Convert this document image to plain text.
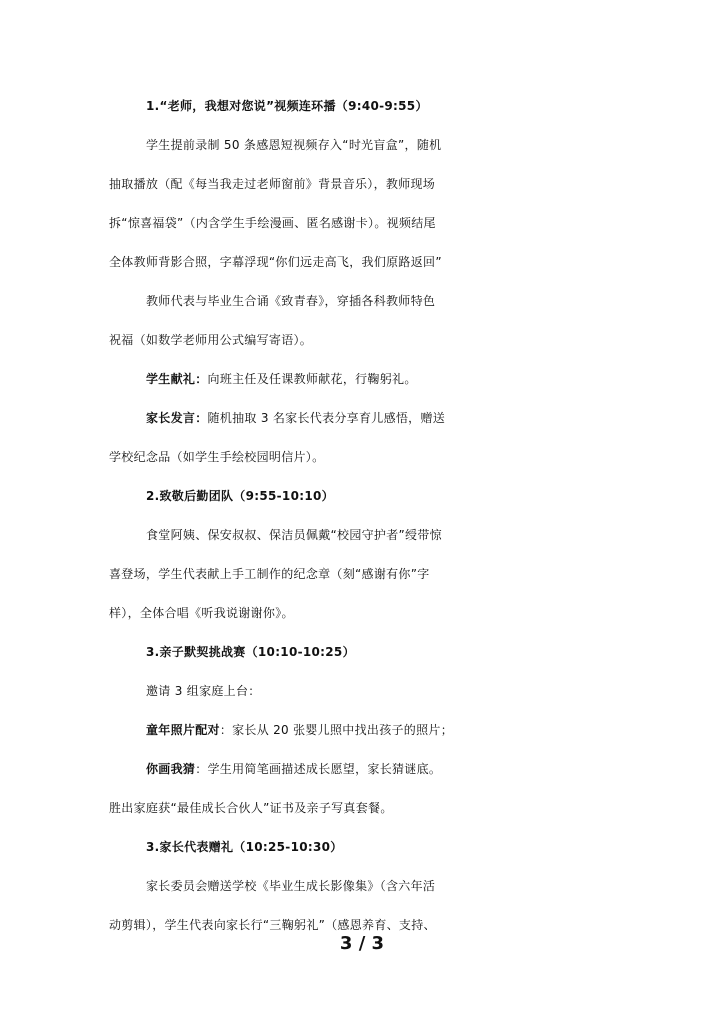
1.“老师，我想对您说”视频连环播（9:40-9:55）
学生提前录制 50 条感恩短视频存入“时光盲盒”，随机
抽取播放（配《每当我走过老师窗前》背景音乐），教师现场
拆“惊喜福袋”（内含学生手绘漫画、匿名感谢卡）。视频结尾
全体教师背影合照，字幕浮现“你们远走高飞，我们原路返回”
教师代表与毕业生合诵《致青春》，穿插各科教师特色
祝福（如数学老师用公式编写寄语）。
学生献礼：向班主任及任课教师献花，行鞠躬礼。
家长发言：随机抽取 3 名家长代表分享育儿感悟，赠送
学校纪念品（如学生手绘校园明信片）。
2.致敬后勤团队（9:55-10:10）
食堂阿姨、保安叔叔、保洁员佩戴“校园守护者”绶带惊
喜登场，学生代表献上手工制作的纪念章（刻“感谢有你”字
样），全体合唱《听我说谢谢你》。
3.亲子默契挑战赛（10:10-10:25）
邀请 3 组家庭上台：
童年照片配对：家长从 20 张婴儿照中找出孩子的照片；
你画我猜：学生用简笔画描述成长愿望，家长猜谜底。
胜出家庭获“最佳成长合伙人”证书及亲子写真套餐。
3.家长代表赠礼（10:25-10:30）
家长委员会赠送学校《毕业生成长影像集》（含六年活
动剪辑），学生代表向家长行“三鞠躬礼”（感恩养育、支持、
3 / 3
